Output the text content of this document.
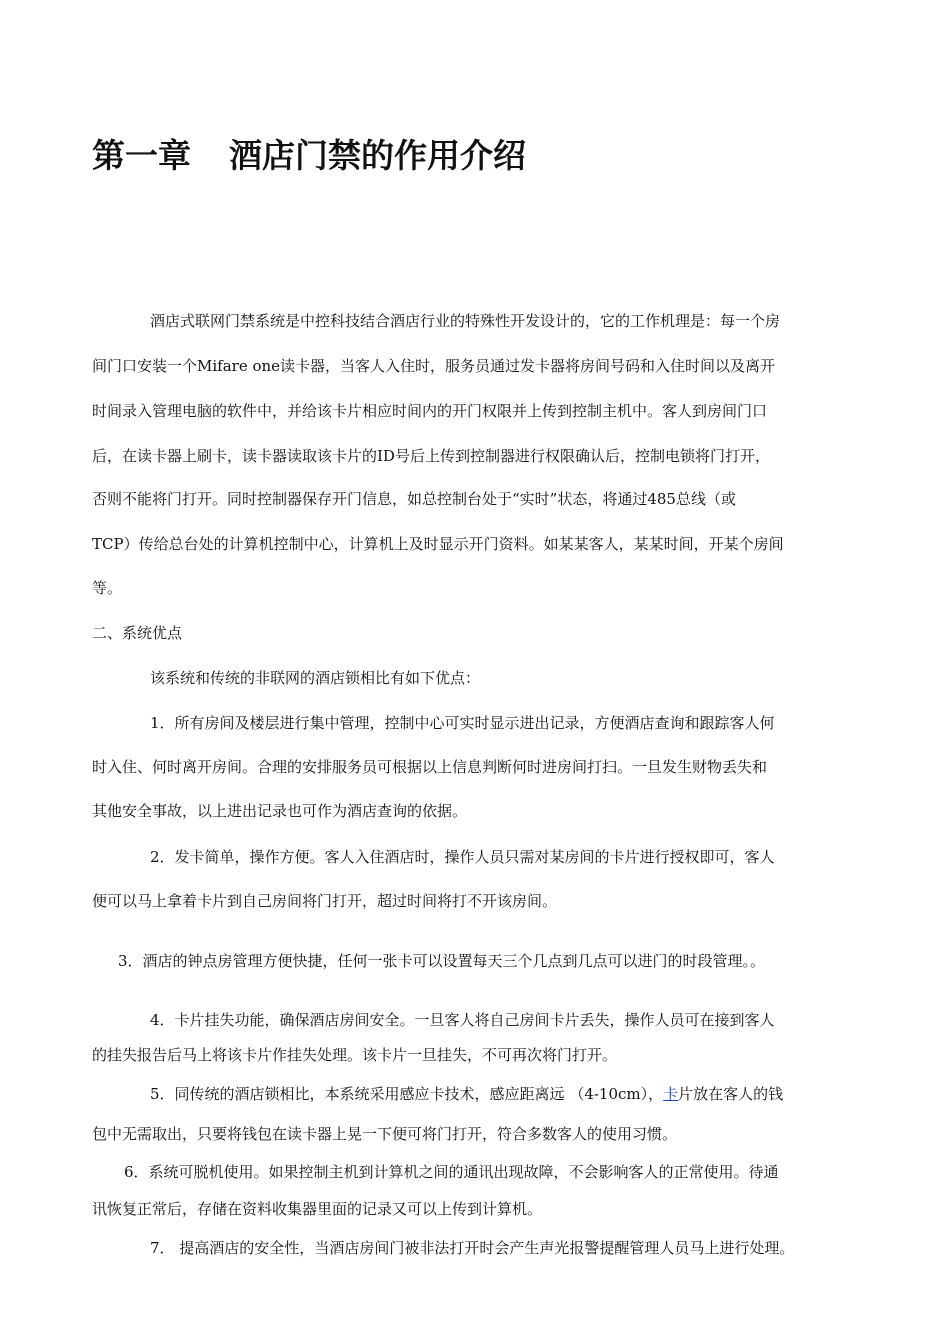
第一章 酒店门禁的作用介绍

酒店式联网门禁系统是中控科技结合酒店行业的特殊性开发设计的，它的工作机理是：每一个房

间门口安装一个Mifare one读卡器，当客人入住时，服务员通过发卡器将房间号码和入住时间以及离开

时间录入管理电脑的软件中，并给该卡片相应时间内的开门权限并上传到控制主机中。客人到房间门口

后，在读卡器上刷卡，读卡器读取该卡片的ID号后上传到控制器进行权限确认后，控制电锁将门打开，

否则不能将门打开。同时控制器保存开门信息，如总控制台处于“实时”状态，将通过485总线（或

TCP）传给总台处的计算机控制中心，计算机上及时显示开门资料。如某某客人，某某时间，开某个房间

等。

二、系统优点

该系统和传统的非联网的酒店锁相比有如下优点：

1．所有房间及楼层进行集中管理，控制中心可实时显示进出记录，方便酒店查询和跟踪客人何

时入住、何时离开房间。合理的安排服务员可根据以上信息判断何时进房间打扫。一旦发生财物丢失和

其他安全事故，以上进出记录也可作为酒店查询的依据。

2．发卡简单，操作方便。客人入住酒店时，操作人员只需对某房间的卡片进行授权即可，客人

便可以马上拿着卡片到自己房间将门打开，超过时间将打不开该房间。

3．酒店的钟点房管理方便快捷，任何一张卡可以设置每天三个几点到几点可以进门的时段管理。。

4．卡片挂失功能，确保酒店房间安全。一旦客人将自己房间卡片丢失，操作人员可在接到客人

的挂失报告后马上将该卡片作挂失处理。该卡片一旦挂失，不可再次将门打开。

5．同传统的酒店锁相比，本系统采用感应卡技术，感应距离远 （4-10cm），卡片放在客人的钱

包中无需取出，只要将钱包在读卡器上晃一下便可将门打开，符合多数客人的使用习惯。

6．系统可脱机使用。如果控制主机到计算机之间的通讯出现故障，不会影响客人的正常使用。待通

讯恢复正常后，存储在资料收集器里面的记录又可以上传到计算机。

7． 提高酒店的安全性，当酒店房间门被非法打开时会产生声光报警提醒管理人员马上进行处理。
